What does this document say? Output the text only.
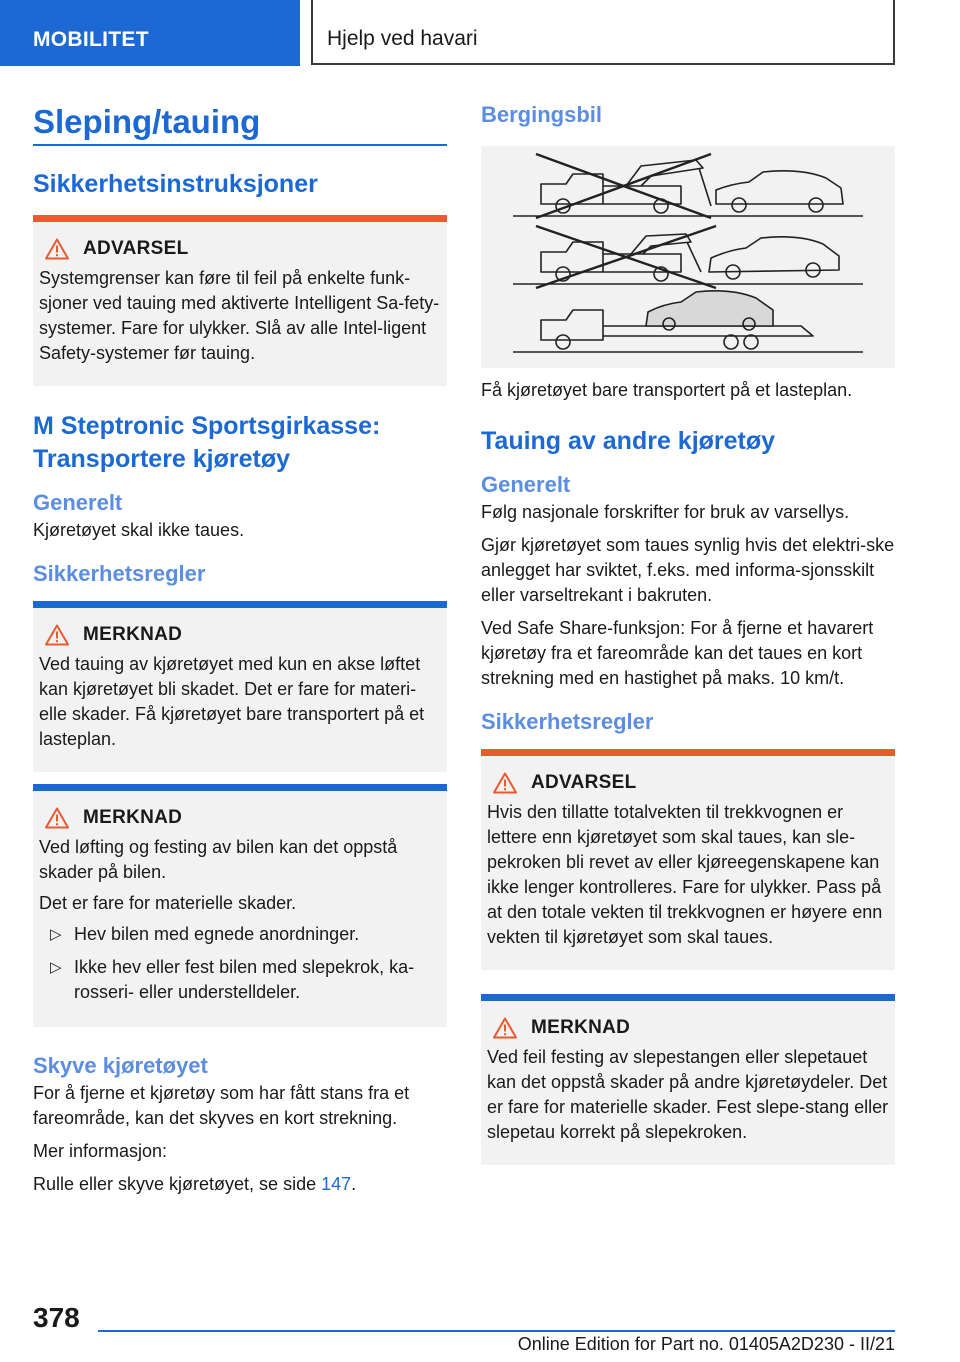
MOBILITET	Hjelp ved havari
Sleping/tauing
Sikkerhetsinstruksjoner
ADVARSEL

Systemgrenser kan føre til feil på enkelte funk-sjoner ved tauing med aktiverte Intelligent Sa-fety-systemer. Fare for ulykker. Slå av alle Intel-ligent Safety-systemer før tauing.

M Steptronic Sportsgirkasse: Transportere kjøretøy
Generelt

Kjøretøyet skal ikke taues.

Sikkerhetsregler
MERKNAD

Ved tauing av kjøretøyet med kun en akse løftet kan kjøretøyet bli skadet. Det er fare for materi-elle skader. Få kjøretøyet bare transportert på et lasteplan.

MERKNAD

Ved løfting og festing av bilen kan det oppstå skader på bilen.

Det er fare for materielle skader.

▷ Hev bilen med egnede anordninger.
▷ Ikke hev eller fest bilen med slepekrok, ka-rosseri- eller understelldeler.
Skyve kjøretøyet

For å fjerne et kjøretøy som har fått stans fra et fareområde, kan det skyves en kort strekning.

Mer informasjon:

Rulle eller skyve kjøretøyet, se side 147.

Bergingsbil

Få kjøretøyet bare transportert på et lasteplan.

Tauing av andre kjøretøy
Generelt

Følg nasjonale forskrifter for bruk av varsellys.

Gjør kjøretøyet som taues synlig hvis det elektri-ske anlegget har sviktet, f.eks. med informa-sjonsskilt eller varseltrekant i bakruten.

Ved Safe Share-funksjon: For å fjerne et havarert kjøretøy fra et fareområde kan det taues en kort strekning med en hastighet på maks. 10 km/t.

Sikkerhetsregler
ADVARSEL

Hvis den tillatte totalvekten til trekkvognen er lettere enn kjøretøyet som skal taues, kan sle-pekroken bli revet av eller kjøreegenskapene kan ikke lenger kontrolleres. Fare for ulykker. Pass på at den totale vekten til trekkvognen er høyere enn vekten til kjøretøyet som skal taues.

MERKNAD

Ved feil festing av slepestangen eller slepetauet kan det oppstå skader på andre kjøretøydeler. Det er fare for materielle skader. Fest slepe-stang eller slepetau korrekt på slepekroken.

378
Online Edition for Part no. 01405A2D230 - II/21
